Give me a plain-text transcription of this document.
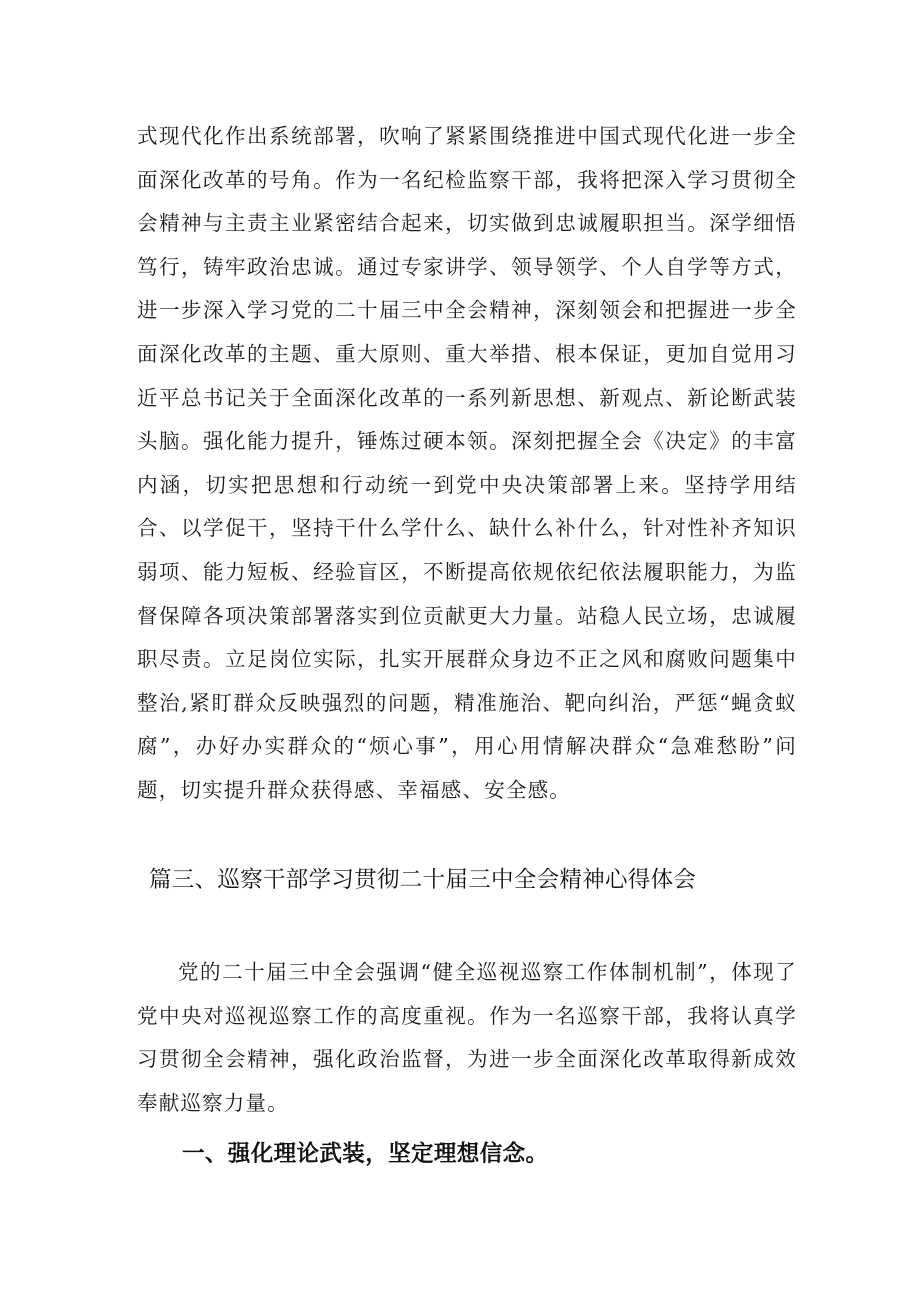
式现代化作出系统部署，吹响了紧紧围绕推进中国式现代化进一步全面深化改革的号角。作为一名纪检监察干部，我将把深入学习贯彻全会精神与主责主业紧密结合起来，切实做到忠诚履职担当。深学细悟笃行，铸牢政治忠诚。通过专家讲学、领导领学、个人自学等方式，进一步深入学习党的二十届三中全会精神，深刻领会和把握进一步全面深化改革的主题、重大原则、重大举措、根本保证，更加自觉用习近平总书记关于全面深化改革的一系列新思想、新观点、新论断武装头脑。强化能力提升，锤炼过硬本领。深刻把握全会《决定》的丰富内涵，切实把思想和行动统一到党中央决策部署上来。坚持学用结合、以学促干，坚持干什么学什么、缺什么补什么，针对性补齐知识弱项、能力短板、经验盲区，不断提高依规依纪依法履职能力，为监督保障各项决策部署落实到位贡献更大力量。站稳人民立场，忠诚履职尽责。立足岗位实际，扎实开展群众身边不正之风和腐败问题集中整治,紧盯群众反映强烈的问题，精准施治、靶向纠治，严惩“蝇贪蚁腐”，办好办实群众的“烦心事”，用心用情解决群众“急难愁盼”问题，切实提升群众获得感、幸福感、安全感。

篇三、巡察干部学习贯彻二十届三中全会精神心得体会

党的二十届三中全会强调“健全巡视巡察工作体制机制”，体现了党中央对巡视巡察工作的高度重视。作为一名巡察干部，我将认真学习贯彻全会精神，强化政治监督，为进一步全面深化改革取得新成效奉献巡察力量。

一、强化理论武装，坚定理想信念。
